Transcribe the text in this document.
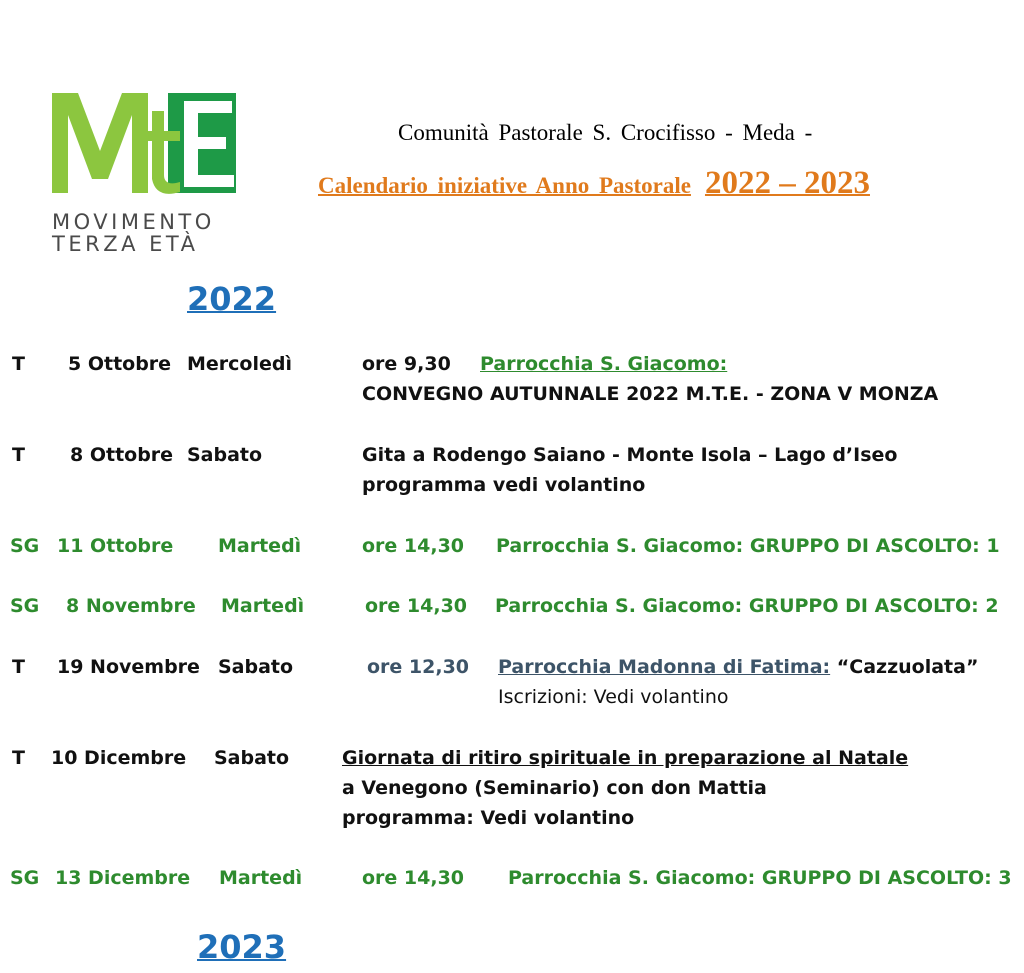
MOVIMENTO
TERZA ETÀ
Comunità Pastorale S. Crocifisso - Meda -
Calendario iniziative Anno Pastorale 2022 – 2023
2022
T 5 Ottobre Mercoledì	ore 9,30 Parrocchia S. Giacomo:
CONVEGNO AUTUNNALE 2022 M.T.E. - ZONA V MONZA
T 8 Ottobre Sabato	Gita a Rodengo Saiano - Monte Isola – Lago d’Iseo
programma vedi volantino
SG 11 Ottobre Martedì	ore 14,30 Parrocchia S. Giacomo: GRUPPO DI ASCOLTO: 1
SG 8 Novembre Martedì	ore 14,30 Parrocchia S. Giacomo: GRUPPO DI ASCOLTO: 2
T 19 Novembre Sabato	ore 12,30 Parrocchia Madonna di Fatima: “Cazzuolata”
Iscrizioni: Vedi volantino
T 10 Dicembre Sabato	Giornata di ritiro spirituale in preparazione al Natale
a Venegono (Seminario) con don Mattia
programma: Vedi volantino
SG 13 Dicembre Martedì	ore 14,30 Parrocchia S. Giacomo: GRUPPO DI ASCOLTO: 3
2023
